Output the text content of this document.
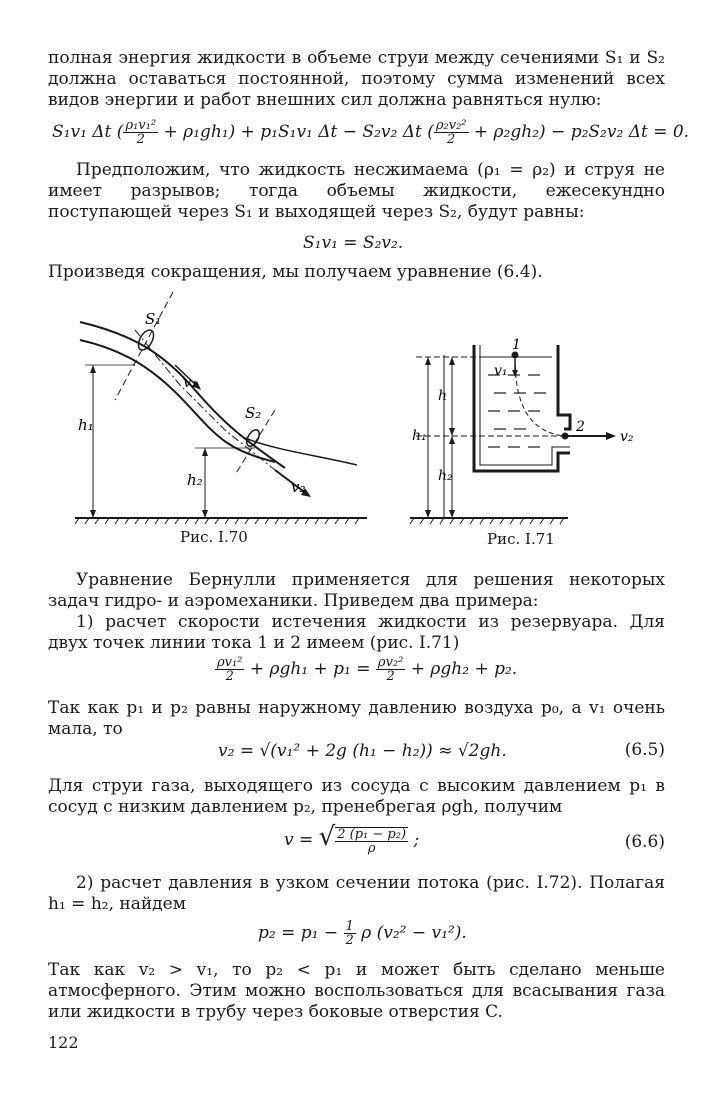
полная энергия жидкости в объеме струи между сечениями S₁ и S₂ должна оставаться постоянной, поэтому сумма изменений всех видов энергии и работ внешних сил должна равняться нулю:

S₁v₁ Δt ( $\frac{\text{ρ₁v₁²}}{2} + \rho_1gh_1) + p_1S_1v_1$ Δt − S₂v₂ Δt ( $\frac{\text{ρ₂v₂²}}{2} + \rho_2gh_2) - p_2S_2v_2$ Δt = 0.

Предположим, что жидкость несжимаема (ρ₁ = ρ₂) и струя не имеет разрывов; тогда объемы жидкости, ежесекундно поступающей через S₁ и выходящей через S₂, будут равны:

S₁v₁ = S₂v₂.

Произведя сокращения, мы получаем уравнение (6.4).

S₁
S₂
v₁
v₂
h₁
h₂
Рис. I.70
1
v₁
2
v₂
h₁
h
h₂
Рис. I.71

Уравнение Бернулли применяется для решения некоторых задач гидро- и аэромеханики. Приведем два примера:

1) расчет скорости истечения жидкости из резервуара. Для двух точек линии тока 1 и 2 имеем (рис. I.71)

$\frac{\text{ρv₁²}}{2} + \rho gh_1 + p_1 = \frac{\text{ρv₂²}}{2} + \rho gh_2 + p_2$.

Так как p₁ и p₂ равны наружному давлению воздуха p₀, а v₁ очень мала, то

v₂ = √(v₁² + 2g (h₁ − h₂)) ≈ √2gh.	(6.5)

Для струи газа, выходящего из сосуда с высоким давлением p₁ в сосуд с низким давлением p₂, пренебрегая ρgh, получим

v = √ $\frac{\text{2 (p₁ − p₂)}}{\rho}$ ;	(6.6)

2) расчет давления в узком сечении потока (рис. I.72). Полагая h₁ = h₂, найдем

$p_2 = p_1 - \frac{1}{2}$ ρ (v₂² − v₁²).

Так как v₂ > v₁, то p₂ < p₁ и может быть сделано меньше атмосферного. Этим можно воспользоваться для всасывания газа или жидкости в трубу через боковые отверстия C.

122
